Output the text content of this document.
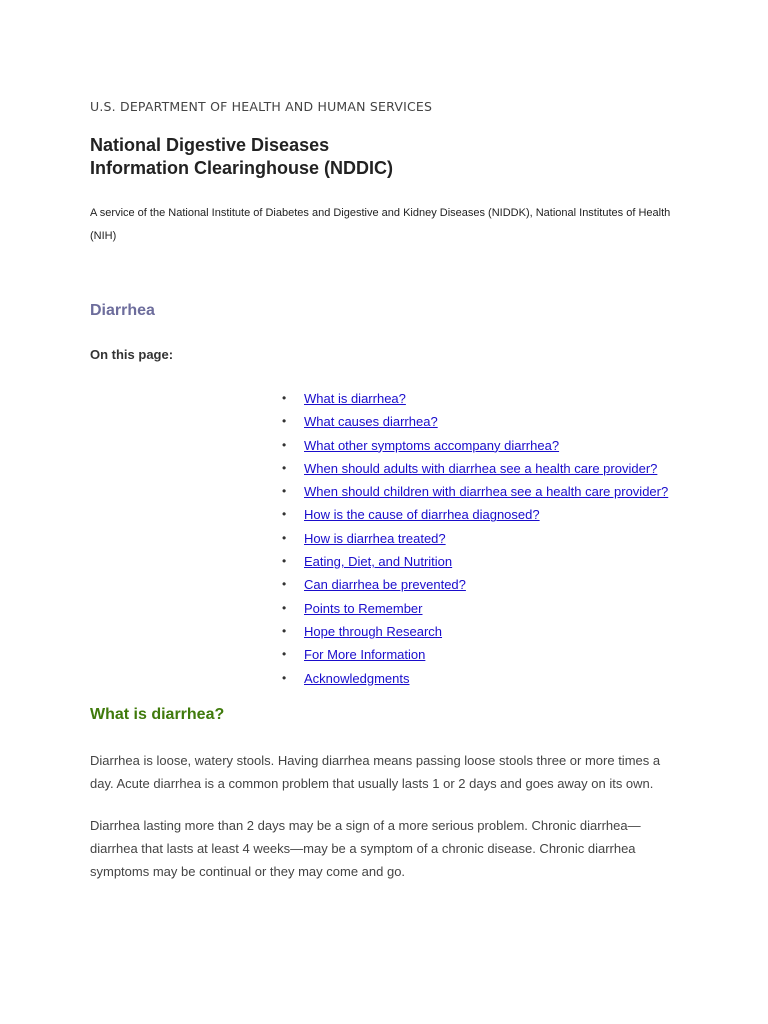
U.S. DEPARTMENT OF HEALTH AND HUMAN SERVICES

National Digestive Diseases
Information Clearinghouse (NDDIC)

A service of the National Institute of Diabetes and Digestive and Kidney Diseases (NIDDK), National Institutes of Health (NIH)

Diarrhea

On this page:

• What is diarrhea?
• What causes diarrhea?
• What other symptoms accompany diarrhea?
• When should adults with diarrhea see a health care provider?
• When should children with diarrhea see a health care provider?
• How is the cause of diarrhea diagnosed?
• How is diarrhea treated?
• Eating, Diet, and Nutrition
• Can diarrhea be prevented?
• Points to Remember
• Hope through Research
• For More Information
• Acknowledgments
What is diarrhea?

Diarrhea is loose, watery stools. Having diarrhea means passing loose stools three or more times a day. Acute diarrhea is a common problem that usually lasts 1 or 2 days and goes away on its own.

Diarrhea lasting more than 2 days may be a sign of a more serious problem. Chronic diarrhea—diarrhea that lasts at least 4 weeks—may be a symptom of a chronic disease. Chronic diarrhea symptoms may be continual or they may come and go.
